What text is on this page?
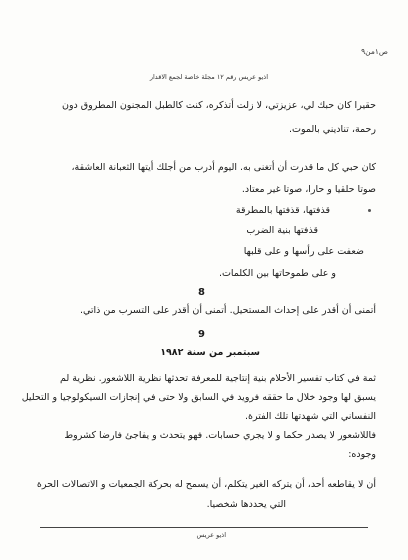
ص١من٩
اذيو عريس رقم ١٢ مجلة خاصة لجمع الاقدار
حقيرا كان حبك لي، عزيزتي، لا زلت أتذكره، كنت كالطبل المجنون المطروق دون
رحمة، تناديني بالموت.
كان حبي كل ما قدرت أن أتغنى به. اليوم أدرب من أجلك أيتها الثعبانة العاشقة،
صوتا حلقيا و حارا، صوتا غير معتاد.
قذفتها، قذفتها بالمطرقة
قذفتها بنية الضرب
ضعفت على رأسها و على قلبها
و على طموحاتها بين الكلمات.
8
أتمنى أن أقدر على إحداث المستحيل. أتمنى أن أقدر على التسرب من ذاتي.
9
سبتمبر من سنة ١٩٨٢
ثمة في كتاب تفسير الأحلام بنية إنتاجية للمعرفة تحدثها نظرية اللاشعور. نظرية لم
يسبق لها وجود خلال ما حققه فرويد في السابق ولا حتى في إنجازات السيكولوجيا و التحليل
النفساني التي شهدتها تلك الفترة.
فاللاشعور لا يصدر حكما و لا يجري حسابات. فهو يتحدث و يفاجئ فارضا كشروط
وجوده:
أن لا يقاطعه أحد، أن يتركه الغير يتكلم، أن يسمح له بحركة الجمعيات و الاتصالات الحرة
التي يحددها شخصيا.
اذيو عريس
